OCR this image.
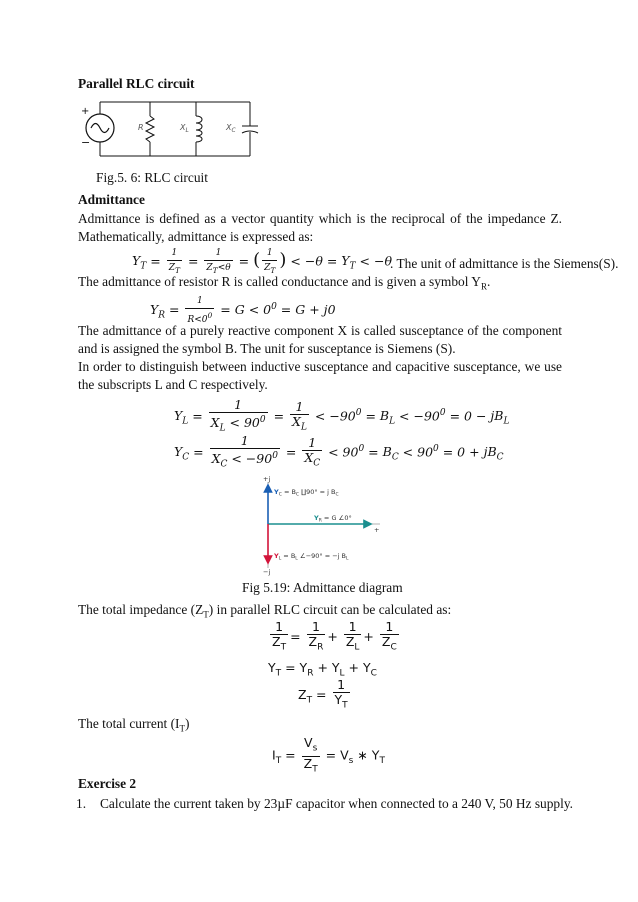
Parallel RLC circuit
+
−
R	$X_L$	$X_C$
Fig.5. 6: RLC circuit
Admittance
Admittance is defined as a vector quantity which is the reciprocal of the impedance Z. Mathematically, admittance is expressed as:
$Y_T = \frac{1}{Z_T} = \frac{1}{Z_T<\theta}$ = ( $\frac{1}{Z_T}$ ) < $-\theta = Y_T < -\theta$
. The unit of admittance is the Siemens(S).
The admittance of resistor R is called conductance and is given a symbol $Y_R$.
$Y_R = \frac{1}{R<0^0} = G < 0^0 = G + j0$
The admittance of a purely reactive component X is called susceptance of the component and is assigned the symbol B. The unit for susceptance is Siemens (S).
In order to distinguish between inductive susceptance and capacitive susceptance, we use the subscripts L and C respectively.
$Y_L = \frac{1}{X_L < 90^0} = \frac{1}{X_L} < -90^0 = B_L < -90^0 = 0 - jB_L$
$Y_C = \frac{1}{X_C < -90^0} = \frac{1}{X_C} < 90^0 = B_C < 90^0 = 0 + jB_C$
+j
−j
+
$Y_C = B_C$ ∐90° = j $B_C$
$Y_R = G$ ∠0°
$Y_L = B_L$ ∠−90° = −j $B_L$
Fig 5.19: Admittance diagram
The total impedance $(Z_T)$ in parallel RLC circuit can be calculated as:
$\frac{1}{Z_T} = \frac{1}{Z_R} + \frac{1}{Z_L} + \frac{1}{Z_C}$
$Y_T = Y_R + Y_L + Y_C$
$Z_T = \frac{1}{Y_T}$
The total current $(I_T)$
$I_T = \frac{V_s}{Z_T} = V_s$ ∗ $Y_T$
Exercise 2
1. Calculate the current taken by 23µF capacitor when connected to a 240 V, 50 Hz supply.
